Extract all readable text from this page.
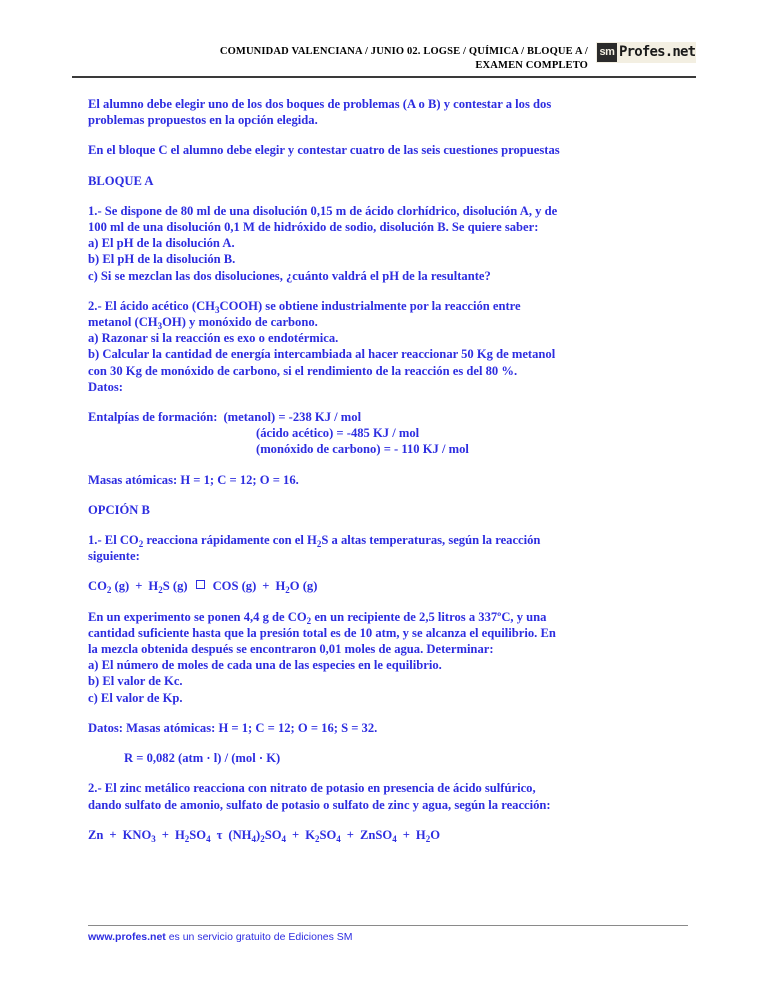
COMUNIDAD VALENCIANA / JUNIO 02. LOGSE / QUÍMICA / BLOQUE A /
EXAMEN COMPLETO
sm Profes.net
El alumno debe elegir uno de los dos boques de problemas (A o B) y contestar a los dos
problemas propuestos en la opción elegida.
En el bloque C el alumno debe elegir y contestar cuatro de las seis cuestiones propuestas
BLOQUE A
1.- Se dispone de 80 ml de una disolución 0,15 m de ácido clorhídrico, disolución A, y de
100 ml de una disolución 0,1 M de hidróxido de sodio, disolución B. Se quiere saber:
a) El pH de la disolución A.
b) El pH de la disolución B.
c) Si se mezclan las dos disoluciones, ¿cuánto valdrá el pH de la resultante?
2.- El ácido acético $(CH_3COOH)$ se obtiene industrialmente por la reacción entre
metanol $(CH_3OH)$ y monóxido de carbono.
a) Razonar si la reacción es exo o endotérmica.
b) Calcular la cantidad de energía intercambiada al hacer reaccionar 50 Kg de metanol
con 30 Kg de monóxido de carbono, si el rendimiento de la reacción es del 80 %.
Datos:
Entalpías de formación: (metanol) = -238 KJ / mol
(ácido acético) = -485 KJ / mol
(monóxido de carbono) = - 110 KJ / mol
Masas atómicas: H = 1; C = 12; O = 16.
OPCIÓN B
1.- El $CO_2$ reacciona rápidamente con el $H_2S$ a altas temperaturas, según la reacción
siguiente:
$CO_2$ $(g) + H_2S$ (g) COS $(g) + H_2O$ (g)
En un experimento se ponen 4,4 g de $CO_2$ en un recipiente de 2,5 litros a 337ºC, y una
cantidad suficiente hasta que la presión total es de 10 atm, y se alcanza el equilibrio. En
la mezcla obtenida después se encontraron 0,01 moles de agua. Determinar:
a) El número de moles de cada una de las especies en le equilibrio.
b) El valor de Kc.
c) El valor de Kp.
Datos: Masas atómicas: H = 1; C = 12; O = 16; S = 32.
R = 0,082 (atm · l) / (mol · K)
2.- El zinc metálico reacciona con nitrato de potasio en presencia de ácido sulfúrico,
dando sulfato de amonio, sulfato de potasio o sulfato de zinc y agua, según la reacción:
$Zn + KNO_3 + H_2SO_4$ τ $(NH_4)_2SO_4 + K_2SO_4$ + ZnSO$_4$ + $H_2O$
www.profes.net es un servicio gratuito de Ediciones SM
